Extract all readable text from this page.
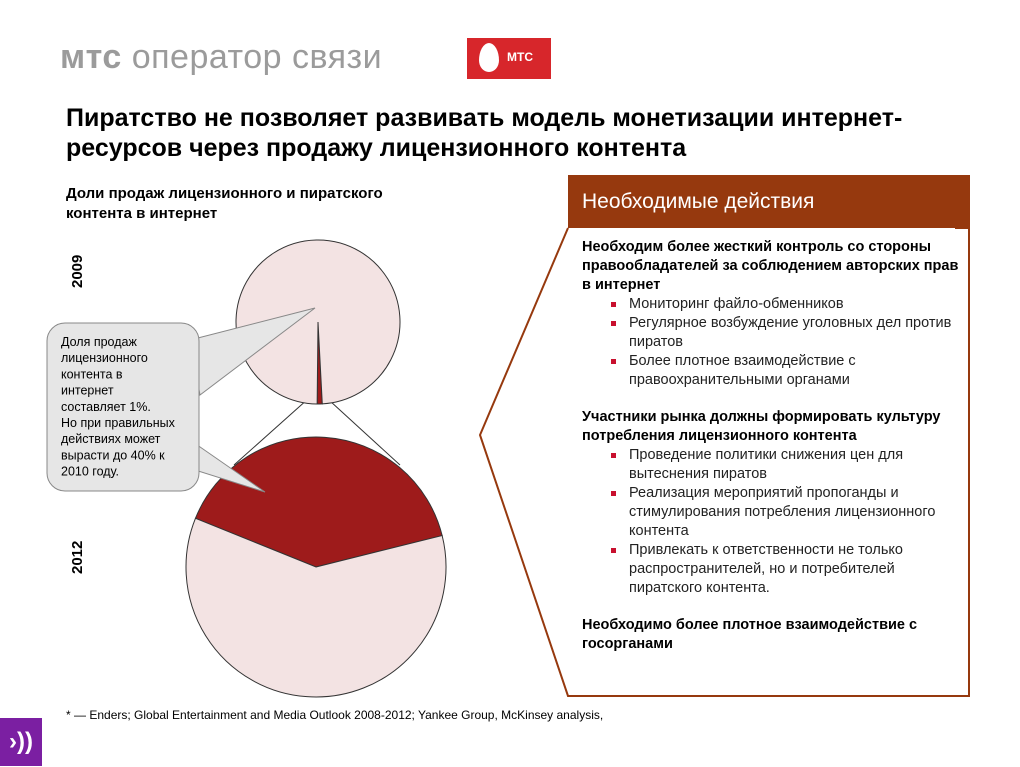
мтс оператор связи	МТС
Пиратство не позволяет развивать модель монетизации интернет-ресурсов через продажу лицензионного контента
Доли продаж лицензионного и пиратского контента в интернет
2009
2012
Доля продаж
лицензионного
контента в
интернет
составляет 1%.
Но при правильных
действиях может
вырасти до 40% к
2010 году.
Необходимые действия

Необходим более жесткий контроль со стороны правообладателей за соблюдением авторских прав в интернет

Мониторинг файло-обменников
Регулярное возбуждение уголовных дел против пиратов
Более плотное взаимодействие с правоохранительными органами

Участники рынка должны формировать культуру потребления лицензионного контента

Проведение политики снижения цен для вытеснения пиратов
Реализация мероприятий пропоганды и стимулирования потребления лицензионного контента
Привлекать к ответственности не только распространителей, но и потребителей пиратского контента.

Необходимо более плотное взаимодействие с госорганами

* — Enders; Global Entertainment and Media Outlook 2008-2012; Yankee Group, McKinsey analysis,
›))
